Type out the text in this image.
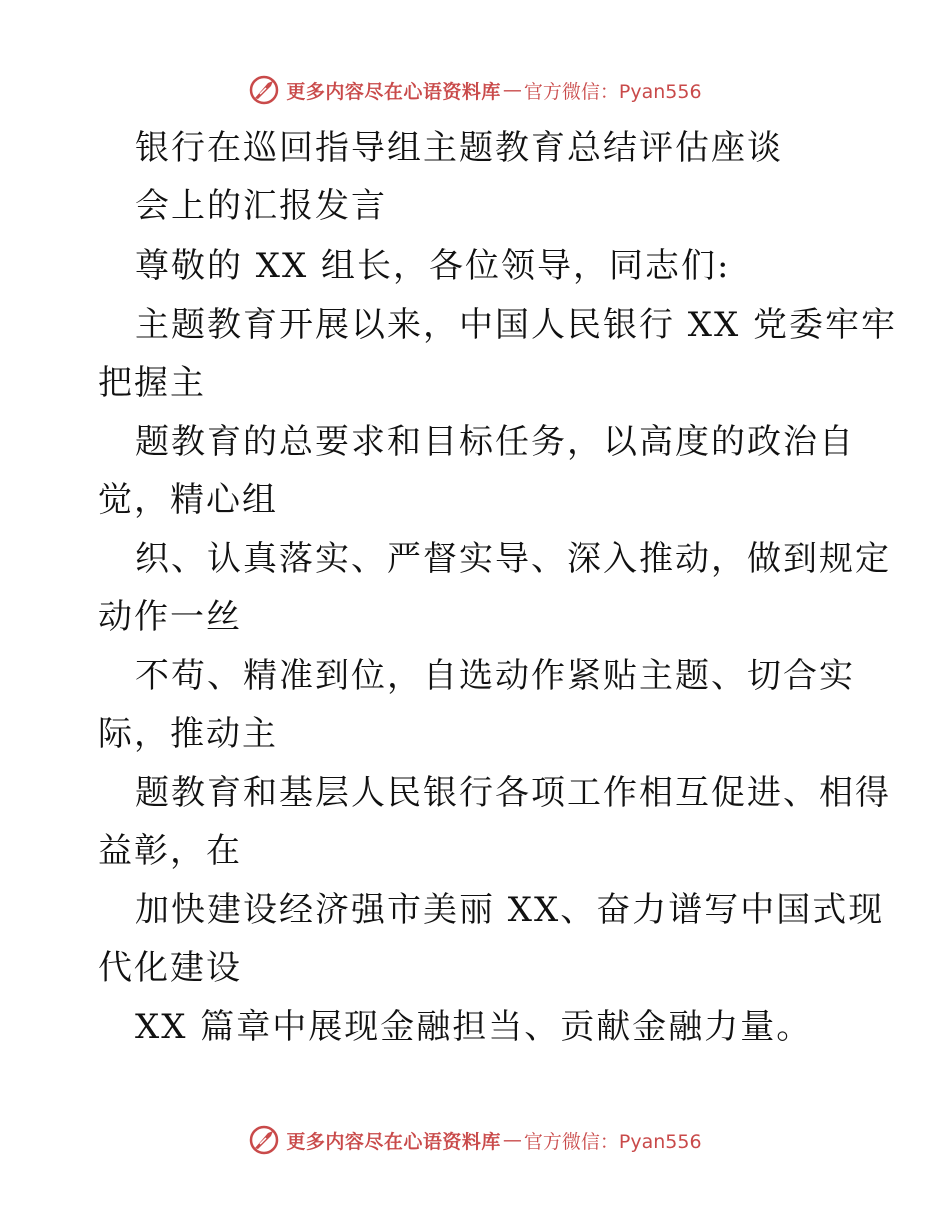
更多内容尽在心语资料库 — 官方微信：Pyan556
银行在巡回指导组主题教育总结评估座谈
会上的汇报发言
尊敬的 XX 组长，各位领导，同志们:
主题教育开展以来，中国人民银行 XX 党委牢牢
把握主
题教育的总要求和目标任务，以高度的政治自
觉，精心组
织、认真落实、严督实导、深入推动，做到规定
动作一丝
不苟、精准到位，自选动作紧贴主题、切合实
际，推动主
题教育和基层人民银行各项工作相互促进、相得
益彰，在
加快建设经济强市美丽 XX、奋力谱写中国式现
代化建设
XX 篇章中展现金融担当、贡献金融力量。
更多内容尽在心语资料库 — 官方微信：Pyan556
